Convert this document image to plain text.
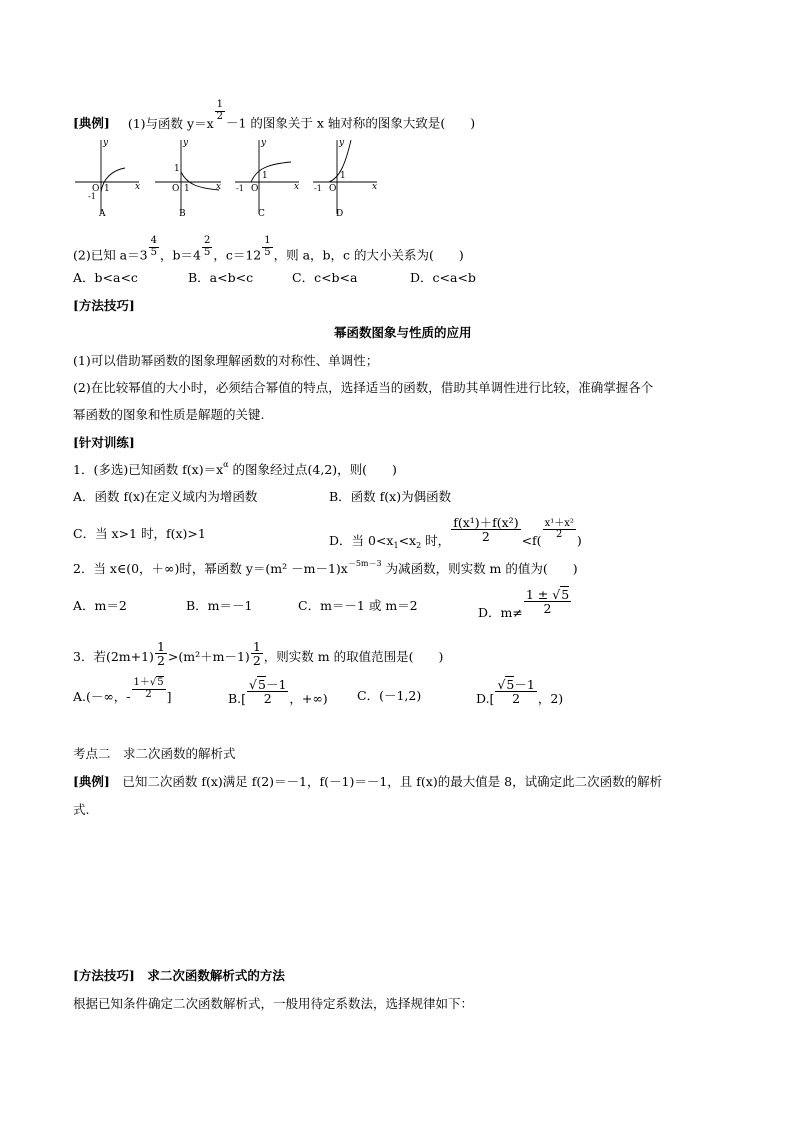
[典例] (1)与函数 y＝x
$\frac{1}{2}$
－1 的图象关于 x 轴对称的图象大致是(　　)
y
x
O 1
-1
A
y
x
O 1
1
B
y
x
-1 O
1
C
y
x
-1 O
1
D
(2)已知 $a=3 \frac{4}{5}$ ，$b=4 \frac{2}{5}$ ，$c=12 \frac{1}{5}$ ，则 a，b，c 的大小关系为(　　)
A．b<a<c	B．a<b<c	C．c<b<a	D．c<a<b
[方法技巧]
幂函数图象与性质的应用
(1)可以借助幂函数的图象理解函数的对称性、单调性；
(2)在比较幂值的大小时，必须结合幂值的特点，选择适当的函数，借助其单调性进行比较，准确掌握各个
幂函数的图象和性质是解题的关键.
[针对训练]
1．(多选)已知函数 $f(x)=x^\alpha$ 的图象经过点(4,2)，则(　　)
A．函数 f(x)在定义域内为增函数	B．函数 f(x)为偶函数
C．当 x>1 时，f(x)>1	D．当 $0<x_1<x_2$ 时， $\frac{\text{f(x¹)＋f(x²)}}{2} <f( \frac{\text{x¹＋x²}}{2}$ )
2．当 x∈(0，＋∞)时，幂函数 $y=(m^2 -m-1)x^{-5m-3}$ 为减函数，则实数 m 的值为(　　)
A．m＝2	B．m＝－1	C．m＝－1 或 m＝2	D．$m\ne \frac{1 \pm √5}{2}$
3．若$(2m+1) \frac{1}{2} >(m^2+m-1) \frac{1}{2}$ ，则实数 m 的取值范围是(　　)
A.(－∞，- $\frac{1+√5}{2}$ ]	$B.[ \frac{√5-1}{2}$ ，+∞) C．(－1,2)	$D.[ \frac{√5-1}{2}$ ，2)
考点二　求二次函数的解析式
[典例]　已知二次函数 f(x)满足 f(2)＝－1，f(－1)＝－1，且 f(x)的最大值是 8，试确定此二次函数的解析
式.
[方法技巧]　求二次函数解析式的方法
根据已知条件确定二次函数解析式，一般用待定系数法，选择规律如下：
